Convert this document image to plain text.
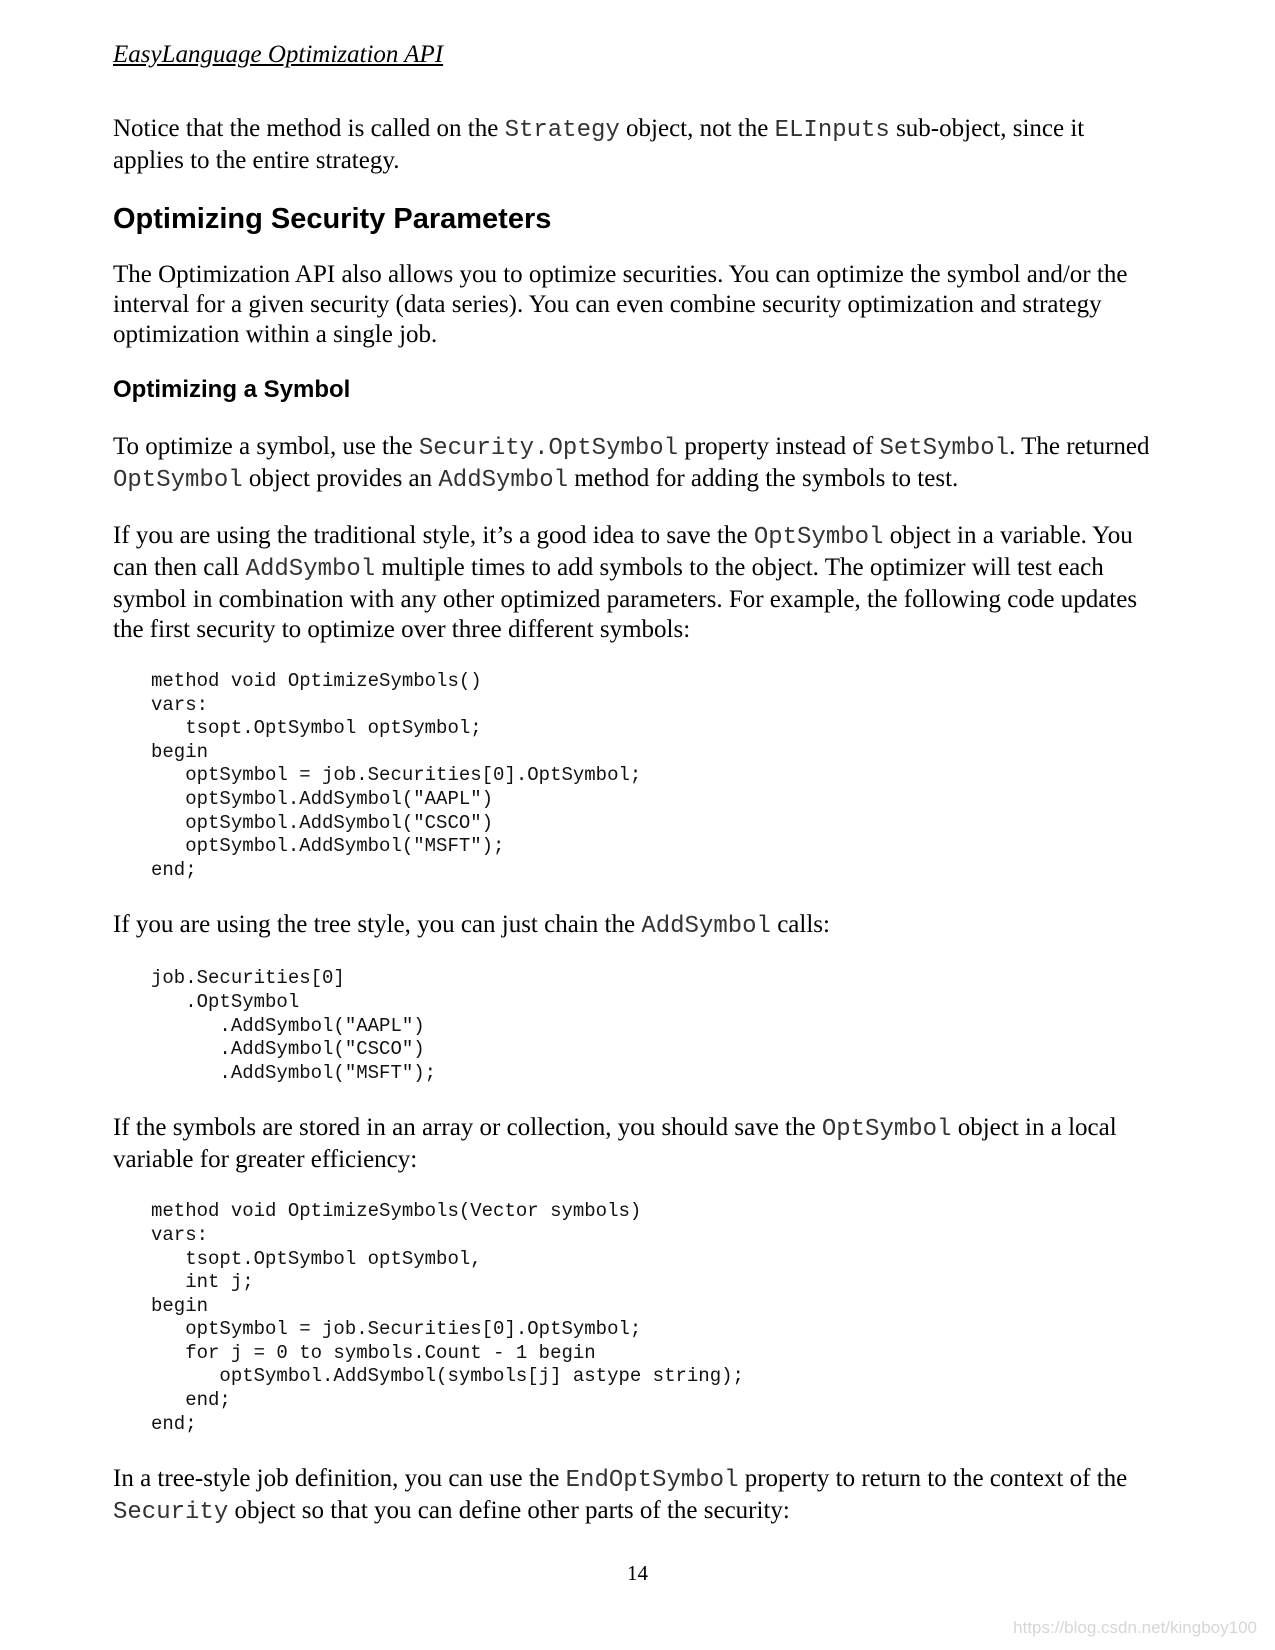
EasyLanguage Optimization API

Notice that the method is called on the Strategy object, not the ELInputs sub-object, since it applies to the entire strategy.

Optimizing Security Parameters

The Optimization API also allows you to optimize securities. You can optimize the symbol and/or the interval for a given security (data series). You can even combine security optimization and strategy optimization within a single job.

Optimizing a Symbol

To optimize a symbol, use the Security.OptSymbol property instead of SetSymbol. The returned OptSymbol object provides an AddSymbol method for adding the symbols to test.

If you are using the traditional style, it’s a good idea to save the OptSymbol object in a variable. You can then call AddSymbol multiple times to add symbols to the object. The optimizer will test each symbol in combination with any other optimized parameters. For example, the following code updates the first security to optimize over three different symbols:

method void OptimizeSymbols()
vars:
tsopt.OptSymbol optSymbol;
begin
optSymbol = job.Securities[0].OptSymbol;
optSymbol.AddSymbol("AAPL")
optSymbol.AddSymbol("CSCO")
optSymbol.AddSymbol("MSFT");
end;

If you are using the tree style, you can just chain the AddSymbol calls:

job.Securities[0]
.OptSymbol
.AddSymbol("AAPL")
.AddSymbol("CSCO")
.AddSymbol("MSFT");

If the symbols are stored in an array or collection, you should save the OptSymbol object in a local variable for greater efficiency:

method void OptimizeSymbols(Vector symbols)
vars:
tsopt.OptSymbol optSymbol,
int j;
begin
optSymbol = job.Securities[0].OptSymbol;
for j = 0 to symbols.Count - 1 begin
optSymbol.AddSymbol(symbols[j] astype string);
end;
end;

In a tree-style job definition, you can use the EndOptSymbol property to return to the context of the Security object so that you can define other parts of the security:

14
https://blog.csdn.net/kingboy100
